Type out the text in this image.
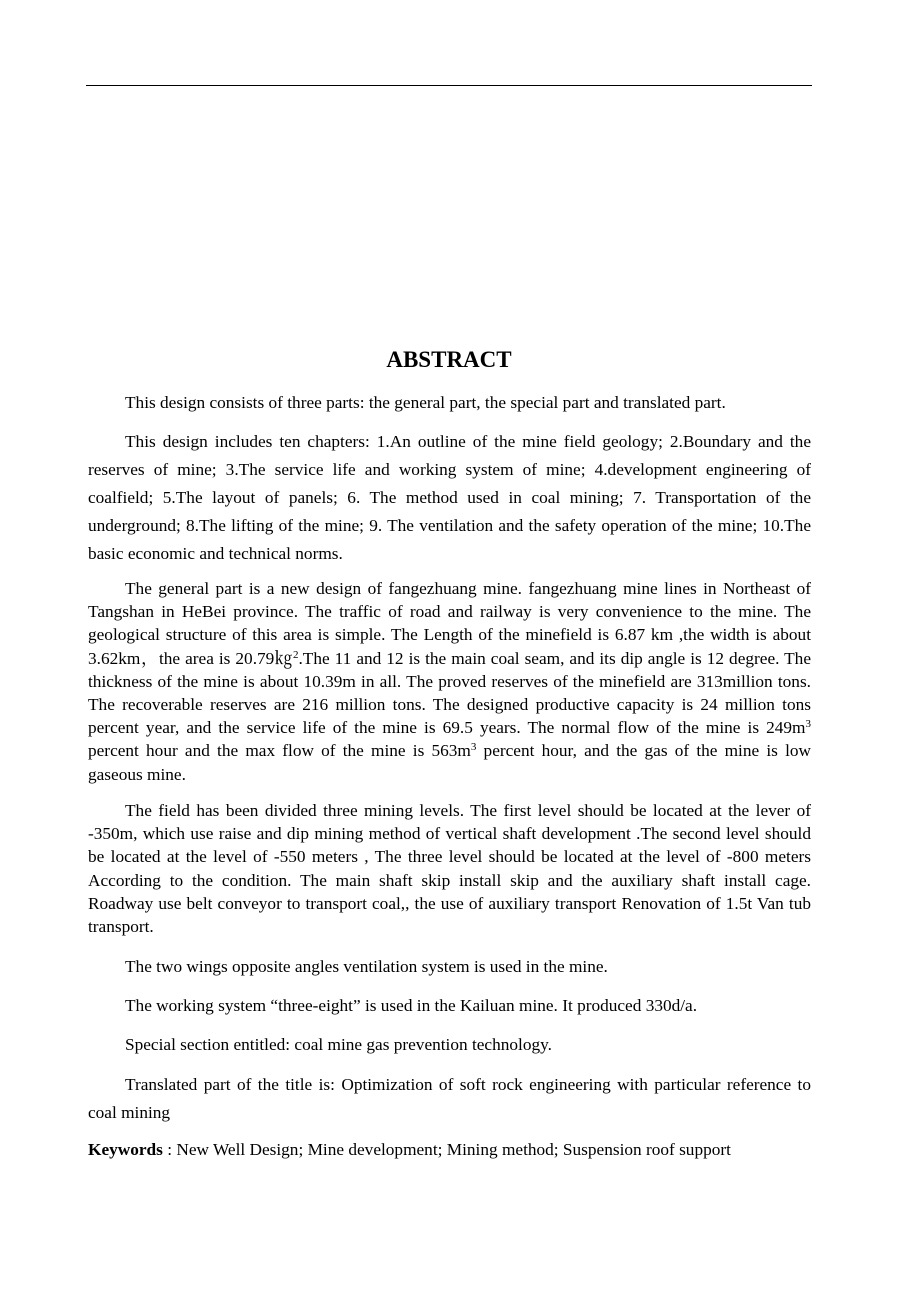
ABSTRACT

This design consists of three parts: the general part, the special part and translated part.

This design includes ten chapters: 1.An outline of the mine field geology; 2.Boundary and the reserves of mine; 3.The service life and working system of mine; 4.development engineering of coalfield; 5.The layout of panels; 6. The method used in coal mining; 7. Transportation of the underground; 8.The lifting of the mine; 9. The ventilation and the safety operation of the mine; 10.The basic economic and technical norms.

The general part is a new design of fangezhuang mine. fangezhuang mine lines in Northeast of Tangshan in HeBei province. The traffic of road and railway is very convenience to the mine. The geological structure of this area is simple. The Length of the minefield is 6.87 km ,the width is about 3.62km，the area is 20.79㎏$^2$.The 11 and 12 is the main coal seam, and its dip angle is 12 degree. The thickness of the mine is about 10.39m in all. The proved reserves of the minefield are 313million tons. The recoverable reserves are 216 million tons. The designed productive capacity is 24 million tons percent year, and the service life of the mine is 69.5 years. The normal flow of the mine is $249m^3$ percent hour and the max flow of the mine is $563m^3$ percent hour, and the gas of the mine is low gaseous mine.

The field has been divided three mining levels. The first level should be located at the lever of -350m, which use raise and dip mining method of vertical shaft development .The second level should be located at the level of -550 meters , The three level should be located at the level of -800 meters According to the condition. The main shaft skip install skip and the auxiliary shaft install cage. Roadway use belt conveyor to transport coal,, the use of auxiliary transport Renovation of 1.5t Van tub transport.

The two wings opposite angles ventilation system is used in the mine.

The working system “three-eight” is used in the Kailuan mine. It produced 330d/a.

Special section entitled: coal mine gas prevention technology.

Translated part of the title is: Optimization of soft rock engineering with particular reference to coal mining

Keywords : New Well Design; Mine development; Mining method; Suspension roof support
